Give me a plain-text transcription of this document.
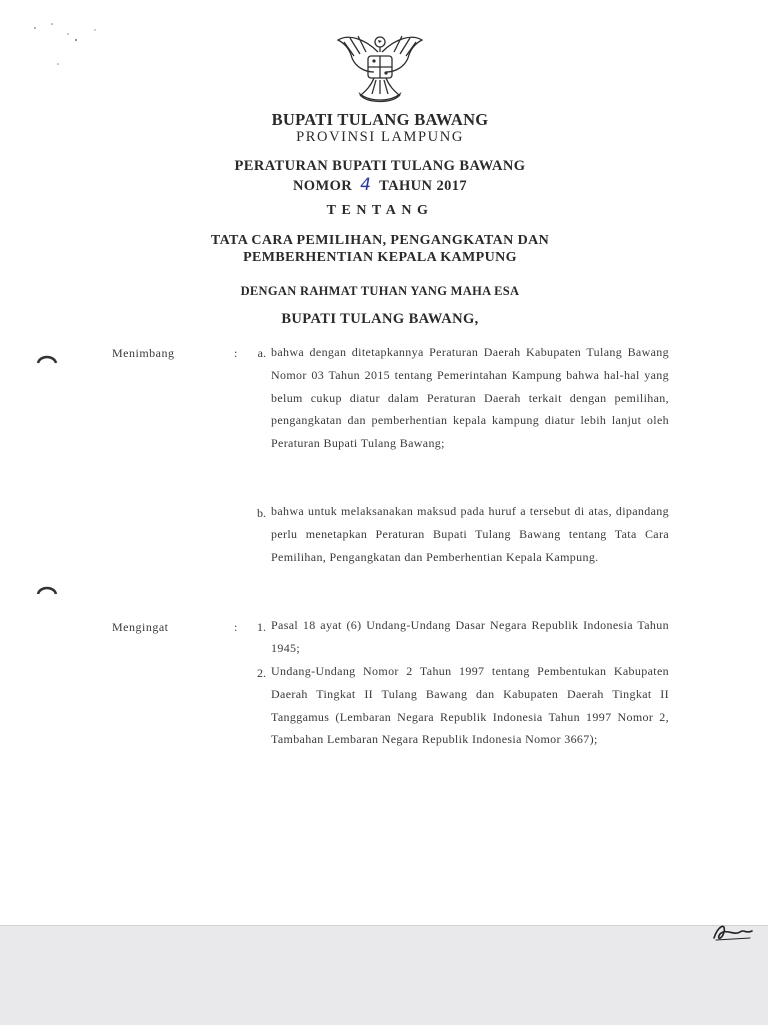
BUPATI TULANG BAWANG
PROVINSI LAMPUNG
PERATURAN BUPATI TULANG BAWANG
NOMOR 4 TAHUN 2017
TENTANG
TATA CARA PEMILIHAN, PENGANGKATAN DAN
PEMBERHENTIAN KEPALA KAMPUNG
DENGAN RAHMAT TUHAN YANG MAHA ESA
BUPATI TULANG BAWANG,
Menimbang	:	a. bahwa dengan ditetapkannya Peraturan Daerah Kabupaten Tulang Bawang Nomor 03 Tahun 2015 tentang Pemerintahan Kampung bahwa hal-hal yang belum cukup diatur dalam Peraturan Daerah terkait dengan pemilihan, pengangkatan dan pemberhentian kepala kampung diatur lebih lanjut oleh Peraturan Bupati Tulang Bawang;
b. bahwa untuk melaksanakan maksud pada huruf a tersebut di atas, dipandang perlu menetapkan Peraturan Bupati Tulang Bawang tentang Tata Cara Pemilihan, Pengangkatan dan Pemberhentian Kepala Kampung.
Mengingat	:	1. Pasal 18 ayat (6) Undang-Undang Dasar Negara Republik Indonesia Tahun 1945;
2. Undang-Undang Nomor 2 Tahun 1997 tentang Pembentukan Kabupaten Daerah Tingkat II Tulang Bawang dan Kabupaten Daerah Tingkat II Tanggamus (Lembaran Negara Republik Indonesia Tahun 1997 Nomor 2, Tambahan Lembaran Negara Republik Indonesia Nomor 3667);
